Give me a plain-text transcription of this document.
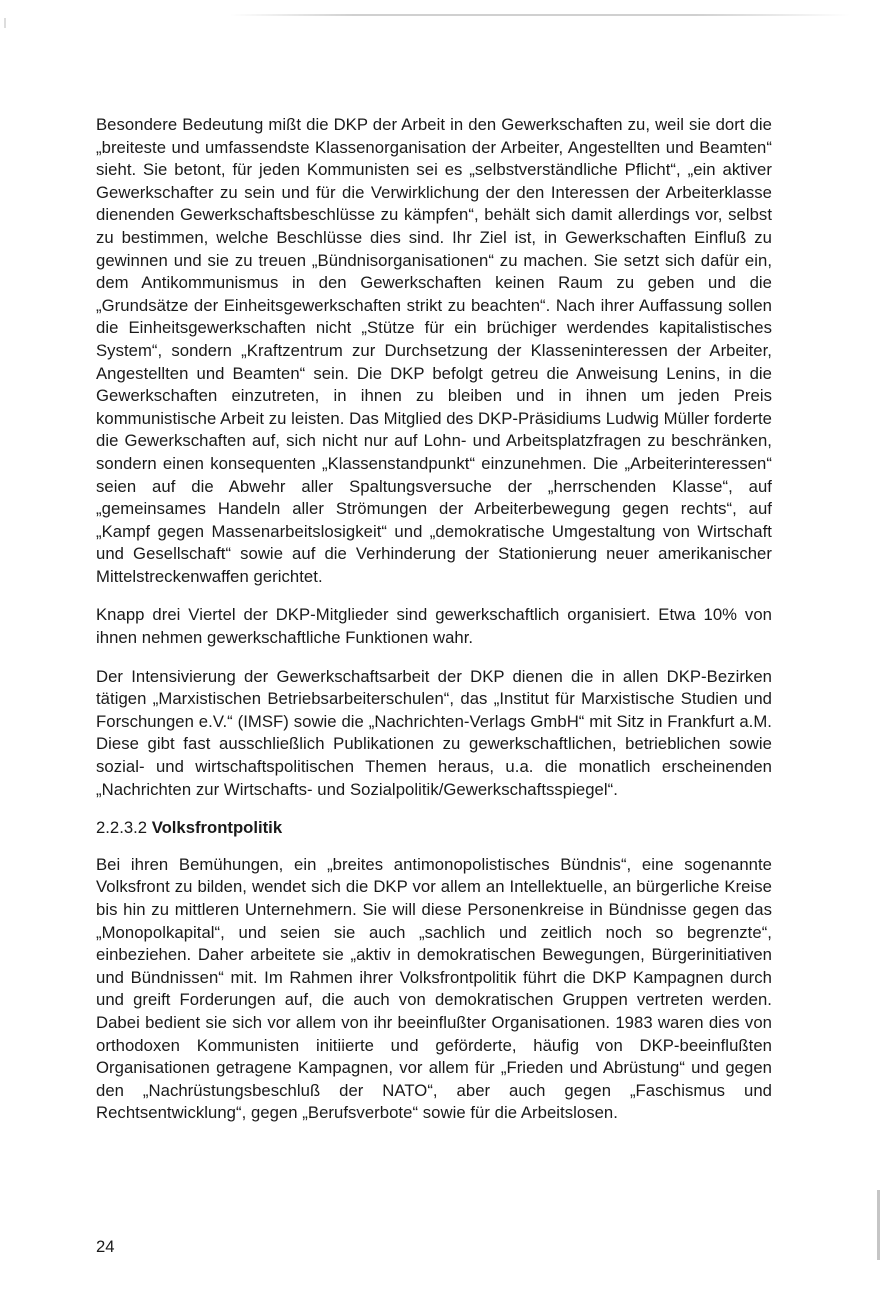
Besondere Bedeutung mißt die DKP der Arbeit in den Gewerkschaften zu, weil sie dort die „breiteste und umfassendste Klassenorganisation der Arbeiter, Angestellten und Beamten“ sieht. Sie betont, für jeden Kommunisten sei es „selbstverständliche Pflicht“, „ein aktiver Gewerkschafter zu sein und für die Verwirklichung der den Interessen der Arbeiterklasse dienenden Gewerkschaftsbeschlüsse zu kämpfen“, behält sich damit allerdings vor, selbst zu bestimmen, welche Beschlüsse dies sind. Ihr Ziel ist, in Gewerkschaften Einfluß zu gewinnen und sie zu treuen „Bündnisorganisationen“ zu machen. Sie setzt sich dafür ein, dem Antikommunismus in den Gewerkschaften keinen Raum zu geben und die „Grundsätze der Einheitsgewerkschaften strikt zu beachten“. Nach ihrer Auffassung sollen die Einheitsgewerkschaften nicht „Stütze für ein brüchiger werdendes kapitalistisches System“, sondern „Kraftzentrum zur Durchsetzung der Klasseninteressen der Arbeiter, Angestellten und Beamten“ sein. Die DKP befolgt getreu die Anweisung Lenins, in die Gewerkschaften einzutreten, in ihnen zu bleiben und in ihnen um jeden Preis kommunistische Arbeit zu leisten. Das Mitglied des DKP-Präsidiums Ludwig Müller forderte die Gewerkschaften auf, sich nicht nur auf Lohn- und Arbeitsplatzfragen zu beschränken, sondern einen konsequenten „Klassenstandpunkt“ einzunehmen. Die „Arbeiterinteressen“ seien auf die Abwehr aller Spaltungsversuche der „herrschenden Klasse“, auf „gemeinsames Handeln aller Strömungen der Arbeiterbewegung gegen rechts“, auf „Kampf gegen Massenarbeitslosigkeit“ und „demokratische Umgestaltung von Wirtschaft und Gesellschaft“ sowie auf die Verhinderung der Stationierung neuer amerikanischer Mittelstreckenwaffen gerichtet.

Knapp drei Viertel der DKP-Mitglieder sind gewerkschaftlich organisiert. Etwa 10% von ihnen nehmen gewerkschaftliche Funktionen wahr.

Der Intensivierung der Gewerkschaftsarbeit der DKP dienen die in allen DKP-Bezirken tätigen „Marxistischen Betriebsarbeiterschulen“, das „Institut für Marxistische Studien und Forschungen e.V.“ (IMSF) sowie die „Nachrichten-Verlags GmbH“ mit Sitz in Frankfurt a.M. Diese gibt fast ausschließlich Publikationen zu gewerkschaftlichen, betrieblichen sowie sozial- und wirtschaftspolitischen Themen heraus, u.a. die monatlich erscheinenden „Nachrichten zur Wirtschafts- und Sozialpolitik/Gewerkschaftsspiegel“.

2.2.3.2 Volksfrontpolitik

Bei ihren Bemühungen, ein „breites antimonopolistisches Bündnis“, eine sogenannte Volksfront zu bilden, wendet sich die DKP vor allem an Intellektuelle, an bürgerliche Kreise bis hin zu mittleren Unternehmern. Sie will diese Personenkreise in Bündnisse gegen das „Monopolkapital“, und seien sie auch „sachlich und zeitlich noch so begrenzte“, einbeziehen. Daher arbeitete sie „aktiv in demokratischen Bewegungen, Bürgerinitiativen und Bündnissen“ mit. Im Rahmen ihrer Volksfrontpolitik führt die DKP Kampagnen durch und greift Forderungen auf, die auch von demokratischen Gruppen vertreten werden. Dabei bedient sie sich vor allem von ihr beeinflußter Organisationen. 1983 waren dies von orthodoxen Kommunisten initiierte und geförderte, häufig von DKP-beeinflußten Organisationen getragene Kampagnen, vor allem für „Frieden und Abrüstung“ und gegen den „Nachrüstungsbeschluß der NATO“, aber auch gegen „Faschismus und Rechtsentwicklung“, gegen „Berufsverbote“ sowie für die Arbeitslosen.

24
